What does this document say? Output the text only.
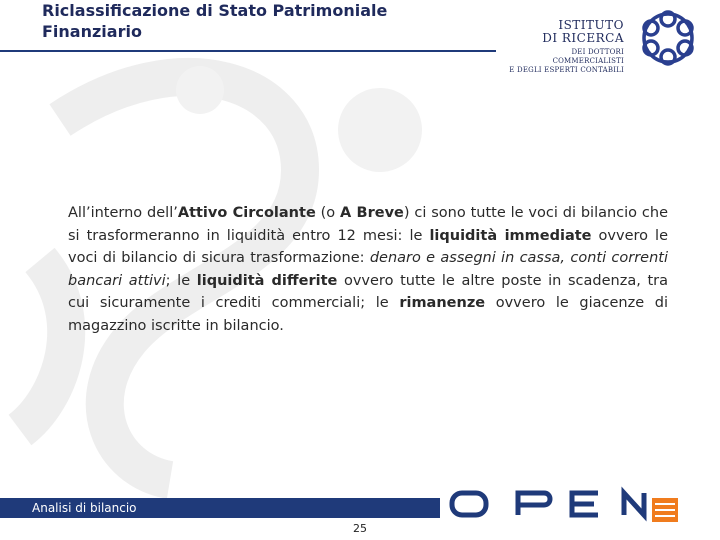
Riclassificazione di Stato Patrimoniale
Finanziario	ISTITUTO
DI RICERCA
DEI DOTTORI COMMERCIALISTI
E DEGLI ESPERTI CONTABILI
All’interno dell’Attivo Circolante (o A Breve) ci sono tutte le voci di bilancio che si trasformeranno in liquidità entro 12 mesi: le liquidità immediate ovvero le voci di bilancio di sicura trasformazione: denaro e assegni in cassa, conti correnti bancari attivi; le liquidità differite ovvero tutte le altre poste in scadenza, tra cui sicuramente i crediti commerciali; le rimanenze ovvero le giacenze di magazzino iscritte in bilancio.
Analisi di bilancio
25
